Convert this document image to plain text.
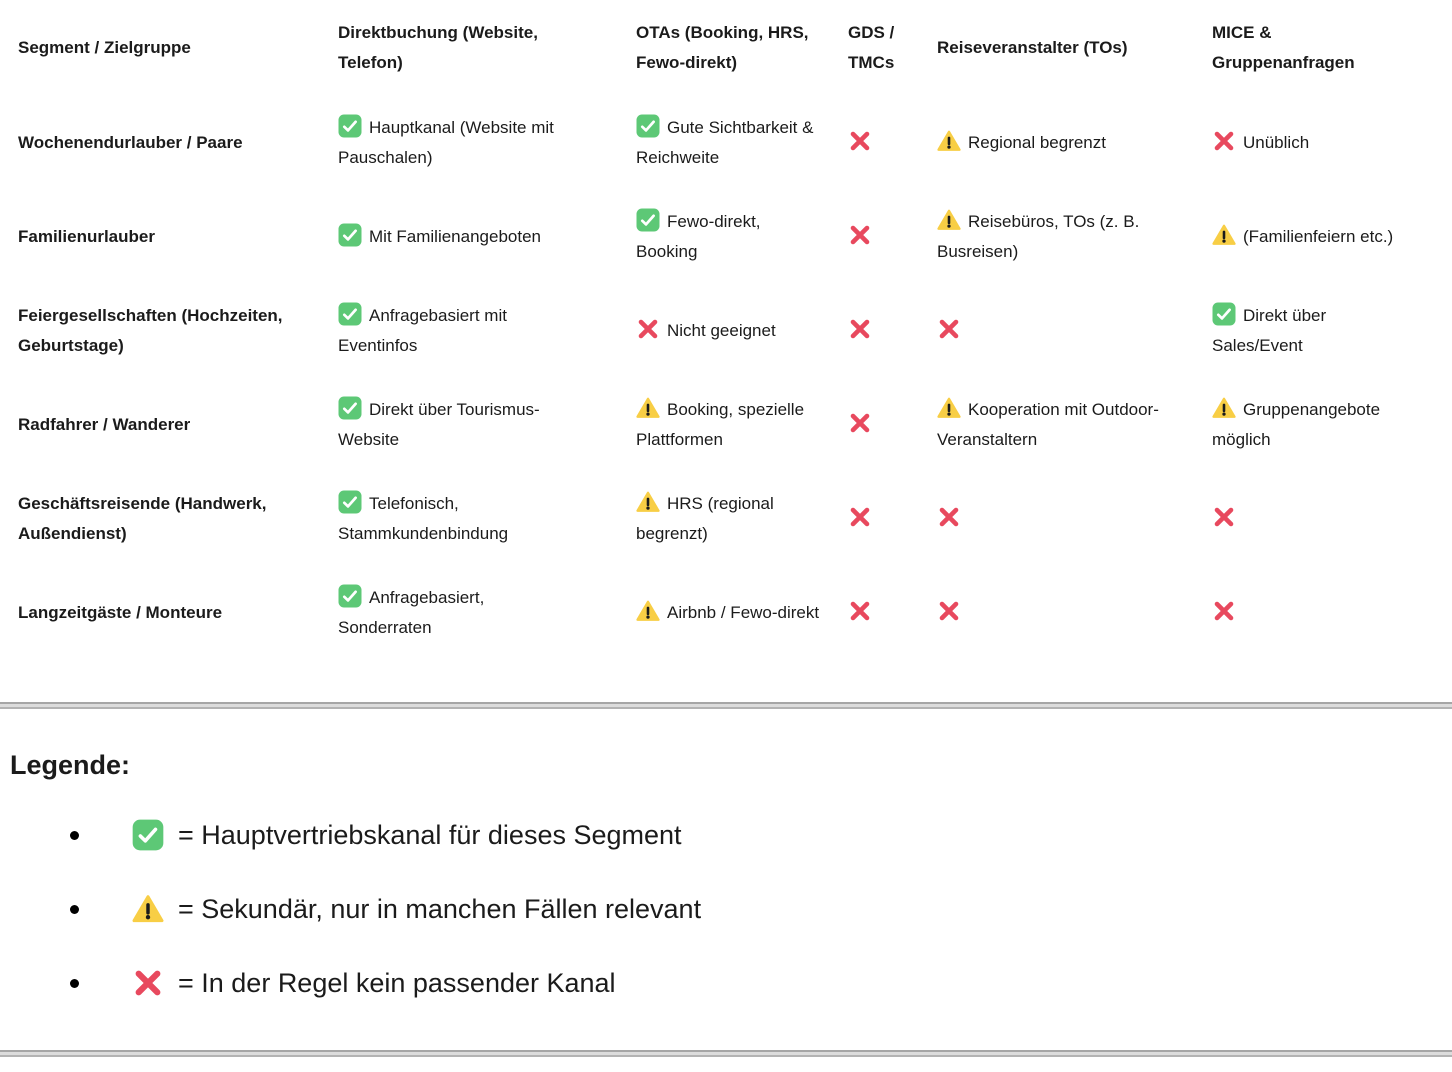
Segment / Zielgruppe
Direktbuchung (Website, Telefon)
OTAs (Booking, HRS, Fewo-direkt)
GDS / TMCs
Reiseveranstalter (TOs)
MICE & Gruppenanfragen
Wochenendurlauber / Paare
Hauptkanal (Website mit Pauschalen)
Gute Sichtbarkeit & Reichweite
Regional begrenzt	Unüblich
Familienurlauber	Mit Familienangeboten
Fewo-direkt, Booking
Reisebüros, TOs (z. B. Busreisen)
(Familienfeiern etc.)
Feiergesellschaften (Hochzeiten, Geburtstage)
Anfragebasiert mit Eventinfos
Nicht geeignet
Direkt über Sales/Event
Radfahrer / Wanderer
Direkt über Tourismus-Website
Booking, spezielle Plattformen
Kooperation mit Outdoor-Veranstaltern
Gruppenangebote möglich
Geschäftsreisende (Handwerk, Außendienst)
Telefonisch, Stammkundenbindung
HRS (regional begrenzt)
Langzeitgäste / Monteure
Anfragebasiert, Sonderraten
Airbnb / Fewo-direkt
Legende:
= Hauptvertriebskanal für dieses Segment
= Sekundär, nur in manchen Fällen relevant
= In der Regel kein passender Kanal
